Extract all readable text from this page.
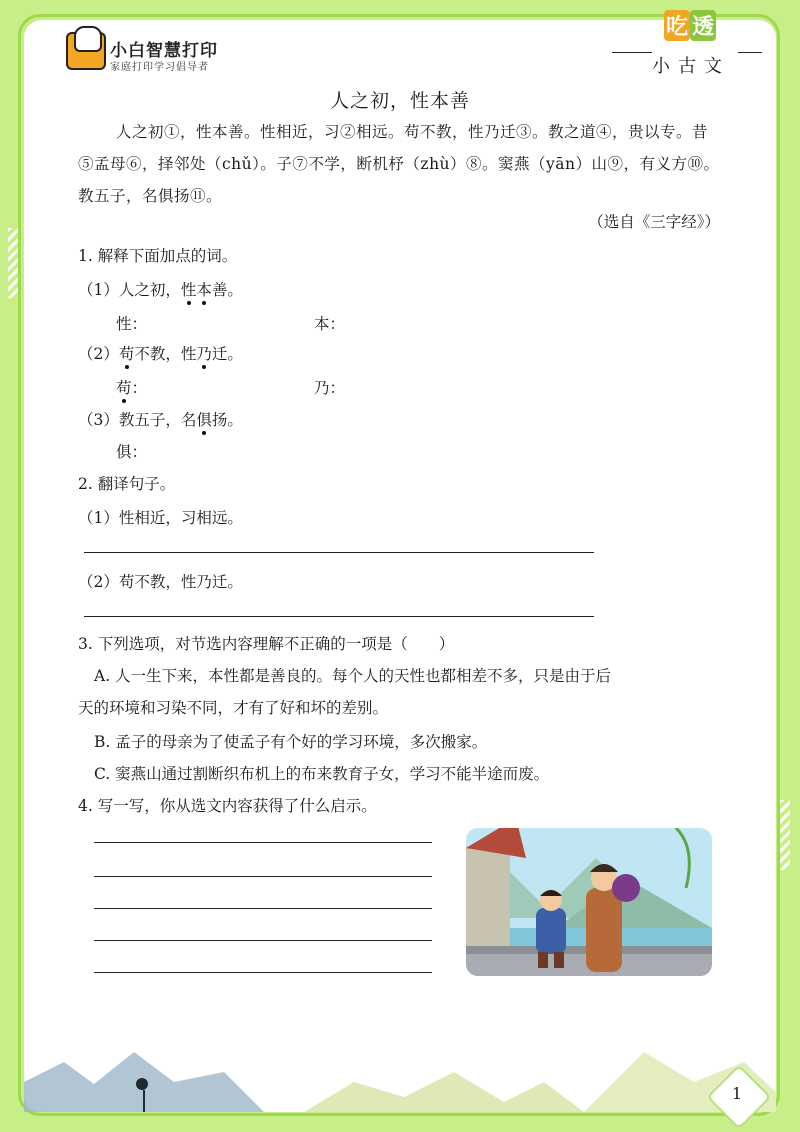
小白智慧打印
家庭打印学习倡导者
吃 透
小古文
人之初，性本善
人之初①，性本善。性相近，习②相远。苟不教，性乃迁③。教之道④，贵以专。昔⑤孟母⑥，择邻处（chǔ）。子⑦不学，断机杼（zhù）⑧。窦燕（yān）山⑨，有义方⑩。教五子，名俱扬⑪。
（选自《三字经》）
1. 解释下面加点的词。
（1）人之初，性本善。
性：	本：
（2）苟不教，性乃迁。
苟：	乃：
（3）教五子，名俱扬。
俱：
2. 翻译句子。
（1）性相近，习相远。
（2）苟不教，性乃迁。
3. 下列选项，对节选内容理解不正确的一项是（　　）
A. 人一生下来，本性都是善良的。每个人的天性也都相差不多，只是由于后
天的环境和习染不同，才有了好和坏的差别。
B. 孟子的母亲为了使孟子有个好的学习环境，多次搬家。
C. 窦燕山通过割断织布机上的布来教育子女，学习不能半途而废。
4. 写一写，你从选文内容获得了什么启示。
1
